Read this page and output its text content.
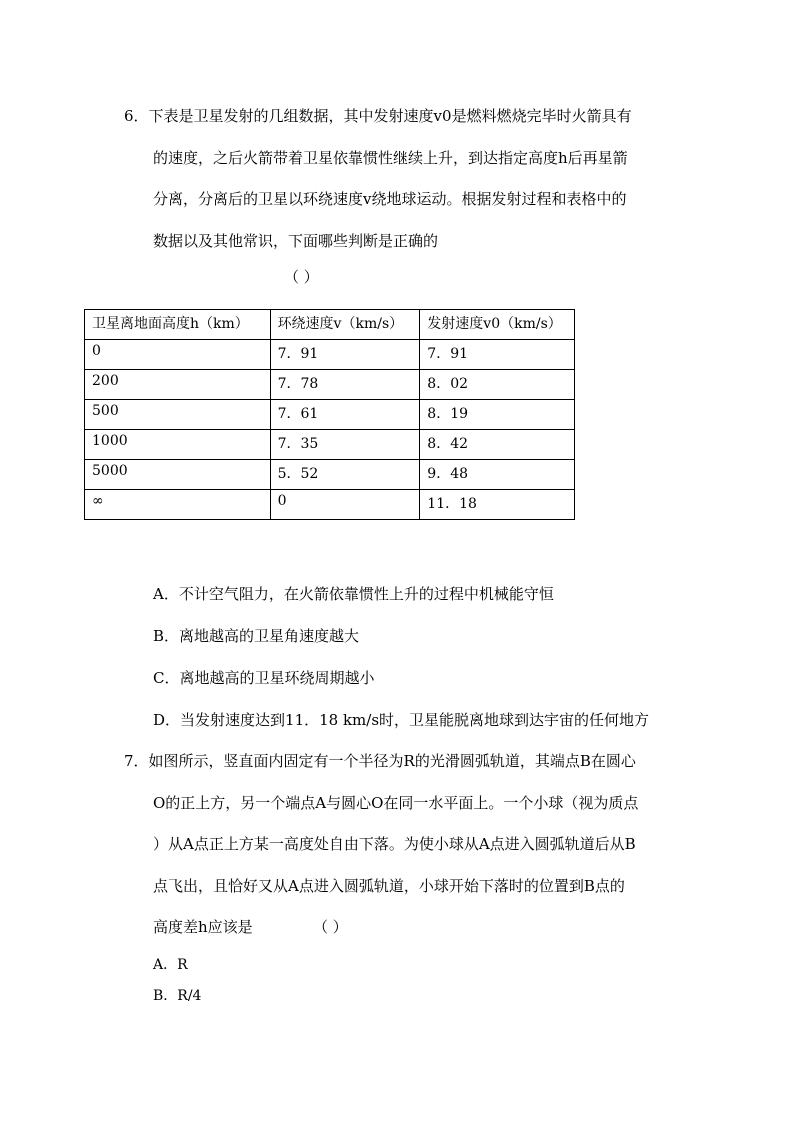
6．下表是卫星发射的几组数据，其中发射速度v0是燃料燃烧完毕时火箭具有
的速度，之后火箭带着卫星依靠惯性继续上升，到达指定高度h后再星箭
分离，分离后的卫星以环绕速度v绕地球运动。根据发射过程和表格中的
数据以及其他常识，下面哪些判断是正确的
（ ）
卫星离地面高度h（km）	环绕速度v（km/s）	发射速度v0（km/s）
0	7．91	7．91
200	7．78	8．02
500	7．61	8．19
1000	7．35	8．42
5000	5．52	9．48
∞	0	11．18
A．不计空气阻力，在火箭依靠惯性上升的过程中机械能守恒
B．离地越高的卫星角速度越大
C．离地越高的卫星环绕周期越小
D．当发射速度达到11．18 km/s时，卫星能脱离地球到达宇宙的任何地方
7．如图所示，竖直面内固定有一个半径为R的光滑圆弧轨道，其端点B在圆心
O的正上方，另一个端点A与圆心O在同一水平面上。一个小球（视为质点
）从A点正上方某一高度处自由下落。为使小球从A点进入圆弧轨道后从B
点飞出，且恰好又从A点进入圆弧轨道，小球开始下落时的位置到B点的
高度差h应该是	（ ）
A．R
B．R/4
